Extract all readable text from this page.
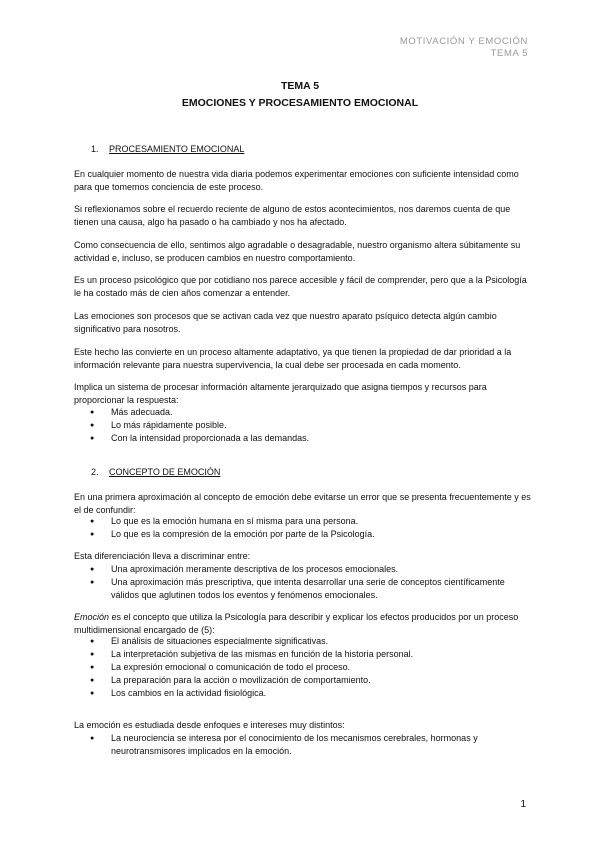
MOTIVACIÓN Y EMOCIÓN
TEMA 5
TEMA 5
EMOCIONES Y PROCESAMIENTO EMOCIONAL
1. PROCESAMIENTO EMOCIONAL
En cualquier momento de nuestra vida diaria podemos experimentar emociones con suficiente intensidad como para que tomemos conciencia de este proceso.
Si reflexionamos sobre el recuerdo reciente de alguno de estos acontecimientos, nos daremos cuenta de que tienen una causa, algo ha pasado o ha cambiado y nos ha afectado.
Como consecuencia de ello, sentimos algo agradable o desagradable, nuestro organismo altera súbitamente su actividad e, incluso, se producen cambios en nuestro comportamiento.
Es un proceso psicológico que por cotidiano nos parece accesible y fácil de comprender, pero que a la Psicología le ha costado más de cien años comenzar a entender.
Las emociones son procesos que se activan cada vez que nuestro aparato psíquico detecta algún cambio significativo para nosotros.
Este hecho las convierte en un proceso altamente adaptativo, ya que tienen la propiedad de dar prioridad a la información relevante para nuestra supervivencia, la cual debe ser procesada en cada momento.
Implica un sistema de procesar información altamente jerarquizado que asigna tiempos y recursos para proporcionar la respuesta:
● Más adecuada.
● Lo más rápidamente posible.
● Con la intensidad proporcionada a las demandas.
2. CONCEPTO DE EMOCIÓN
En una primera aproximación al concepto de emoción debe evitarse un error que se presenta frecuentemente y es el de confundir:
● Lo que es la emoción humana en sí misma para una persona.
● Lo que es la compresión de la emoción por parte de la Psicología.
Esta diferenciación lleva a discriminar entre:
● Una aproximación meramente descriptiva de los procesos emocionales.
● Una aproximación más prescriptiva, que intenta desarrollar una serie de conceptos científicamente válidos que aglutinen todos los eventos y fenómenos emocionales.
Emoción es el concepto que utiliza la Psicología para describir y explicar los efectos producidos por un proceso multidimensional encargado de (5):
● El análisis de situaciones especialmente significativas.
● La interpretación subjetiva de las mismas en función de la historia personal.
● La expresión emocional o comunicación de todo el proceso.
● La preparación para la acción o movilización de comportamiento.
● Los cambios en la actividad fisiológica.
La emoción es estudiada desde enfoques e intereses muy distintos:
● La neurociencia se interesa por el conocimiento de los mecanismos cerebrales, hormonas y neurotransmisores implicados en la emoción.
1
